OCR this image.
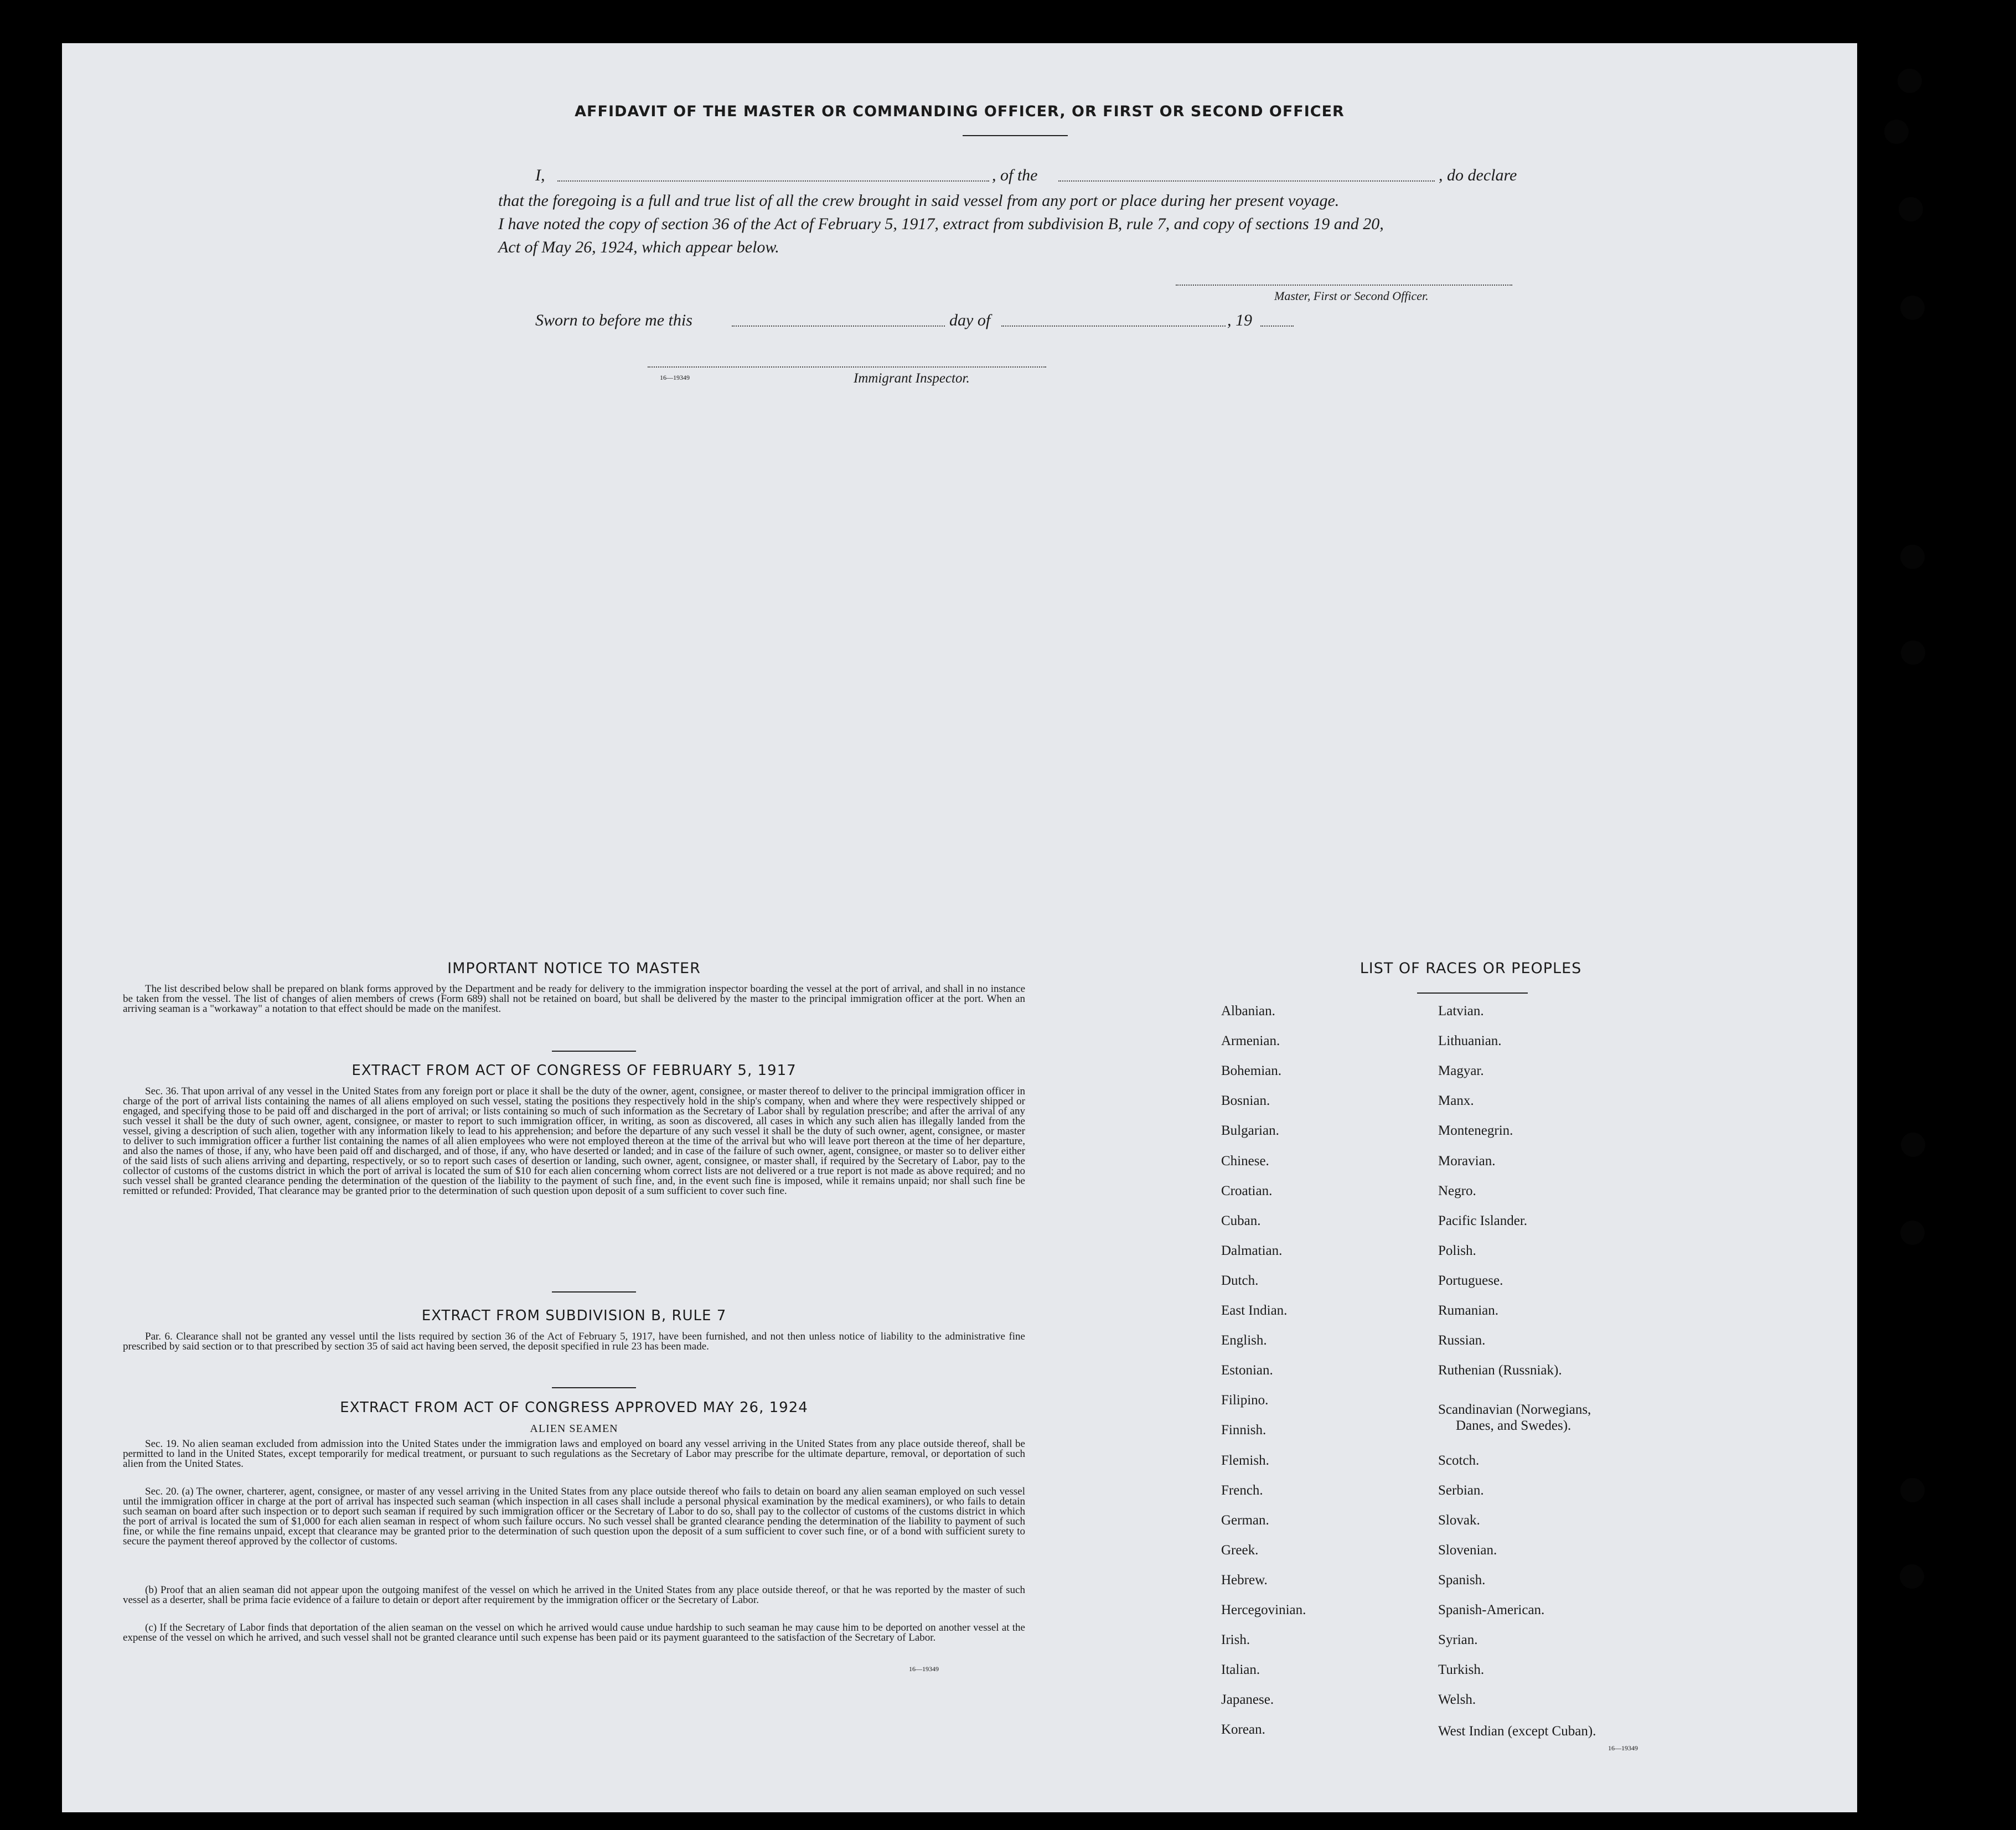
AFFIDAVIT OF THE MASTER OR COMMANDING OFFICER, OR FIRST OR SECOND OFFICER
I,	, of the	, do declare
that the foregoing is a full and true list of all the crew brought in said vessel from any port or place during her present voyage.
I have noted the copy of section 36 of the Act of February 5, 1917, extract from subdivision B, rule 7, and copy of sections 19 and 20,
Act of May 26, 1924, which appear below.
Master, First or Second Officer.
Sworn to before me this	day of	, 19
16—19349	Immigrant Inspector.
IMPORTANT NOTICE TO MASTER
The list described below shall be prepared on blank forms approved by the Department and be ready for delivery to the immigration inspector boarding the vessel at the port of arrival, and shall in no instance be taken from the vessel. The list of changes of alien members of crews (Form 689) shall not be retained on board, but shall be delivered by the master to the principal immigration officer at the port. When an arriving seaman is a "workaway" a notation to that effect should be made on the manifest.
EXTRACT FROM ACT OF CONGRESS OF FEBRUARY 5, 1917
Sec. 36. That upon arrival of any vessel in the United States from any foreign port or place it shall be the duty of the owner, agent, consignee, or master thereof to deliver to the principal immigration officer in charge of the port of arrival lists containing the names of all aliens employed on such vessel, stating the positions they respectively hold in the ship's company, when and where they were respectively shipped or engaged, and specifying those to be paid off and discharged in the port of arrival; or lists containing so much of such information as the Secretary of Labor shall by regulation prescribe; and after the arrival of any such vessel it shall be the duty of such owner, agent, consignee, or master to report to such immigration officer, in writing, as soon as discovered, all cases in which any such alien has illegally landed from the vessel, giving a description of such alien, together with any information likely to lead to his apprehension; and before the departure of any such vessel it shall be the duty of such owner, agent, consignee, or master to deliver to such immigration officer a further list containing the names of all alien employees who were not employed thereon at the time of the arrival but who will leave port thereon at the time of her departure, and also the names of those, if any, who have been paid off and discharged, and of those, if any, who have deserted or landed; and in case of the failure of such owner, agent, consignee, or master so to deliver either of the said lists of such aliens arriving and departing, respectively, or so to report such cases of desertion or landing, such owner, agent, consignee, or master shall, if required by the Secretary of Labor, pay to the collector of customs of the customs district in which the port of arrival is located the sum of $10 for each alien concerning whom correct lists are not delivered or a true report is not made as above required; and no such vessel shall be granted clearance pending the determination of the question of the liability to the payment of such fine, and, in the event such fine is imposed, while it remains unpaid; nor shall such fine be remitted or refunded: Provided, That clearance may be granted prior to the determination of such question upon deposit of a sum sufficient to cover such fine.
EXTRACT FROM SUBDIVISION B, RULE 7
Par. 6. Clearance shall not be granted any vessel until the lists required by section 36 of the Act of February 5, 1917, have been furnished, and not then unless notice of liability to the administrative fine prescribed by said section or to that prescribed by section 35 of said act having been served, the deposit specified in rule 23 has been made.
EXTRACT FROM ACT OF CONGRESS APPROVED MAY 26, 1924
ALIEN SEAMEN
Sec. 19. No alien seaman excluded from admission into the United States under the immigration laws and employed on board any vessel arriving in the United States from any place outside thereof, shall be permitted to land in the United States, except temporarily for medical treatment, or pursuant to such regulations as the Secretary of Labor may prescribe for the ultimate departure, removal, or deportation of such alien from the United States.
Sec. 20. (a) The owner, charterer, agent, consignee, or master of any vessel arriving in the United States from any place outside thereof who fails to detain on board any alien seaman employed on such vessel until the immigration officer in charge at the port of arrival has inspected such seaman (which inspection in all cases shall include a personal physical examination by the medical examiners), or who fails to detain such seaman on board after such inspection or to deport such seaman if required by such immigration officer or the Secretary of Labor to do so, shall pay to the collector of customs of the customs district in which the port of arrival is located the sum of $1,000 for each alien seaman in respect of whom such failure occurs. No such vessel shall be granted clearance pending the determination of the liability to payment of such fine, or while the fine remains unpaid, except that clearance may be granted prior to the determination of such question upon the deposit of a sum sufficient to cover such fine, or of a bond with sufficient surety to secure the payment thereof approved by the collector of customs.
(b) Proof that an alien seaman did not appear upon the outgoing manifest of the vessel on which he arrived in the United States from any place outside thereof, or that he was reported by the master of such vessel as a deserter, shall be prima facie evidence of a failure to detain or deport after requirement by the immigration officer or the Secretary of Labor.
(c) If the Secretary of Labor finds that deportation of the alien seaman on the vessel on which he arrived would cause undue hardship to such seaman he may cause him to be deported on another vessel at the expense of the vessel on which he arrived, and such vessel shall not be granted clearance until such expense has been paid or its payment guaranteed to the satisfaction of the Secretary of Labor.
16—19349
LIST OF RACES OR PEOPLES
16—19349
Albanian.
Armenian.
Bohemian.
Bosnian.
Bulgarian.
Chinese.
Croatian.
Cuban.
Dalmatian.
Dutch.
East Indian.
English.
Estonian.
Filipino.
Finnish.
Flemish.
French.
German.
Greek.
Hebrew.
Hercegovinian.
Irish.
Italian.
Japanese.
Korean.
Latvian.
Lithuanian.
Magyar.
Manx.
Montenegrin.
Moravian.
Negro.
Pacific Islander.
Polish.
Portuguese.
Rumanian.
Russian.
Ruthenian (Russniak).
Scandinavian (Norwegians,
Danes, and Swedes).
Scotch.
Serbian.
Slovak.
Slovenian.
Spanish.
Spanish-American.
Syrian.
Turkish.
Welsh.
West Indian (except Cuban).
